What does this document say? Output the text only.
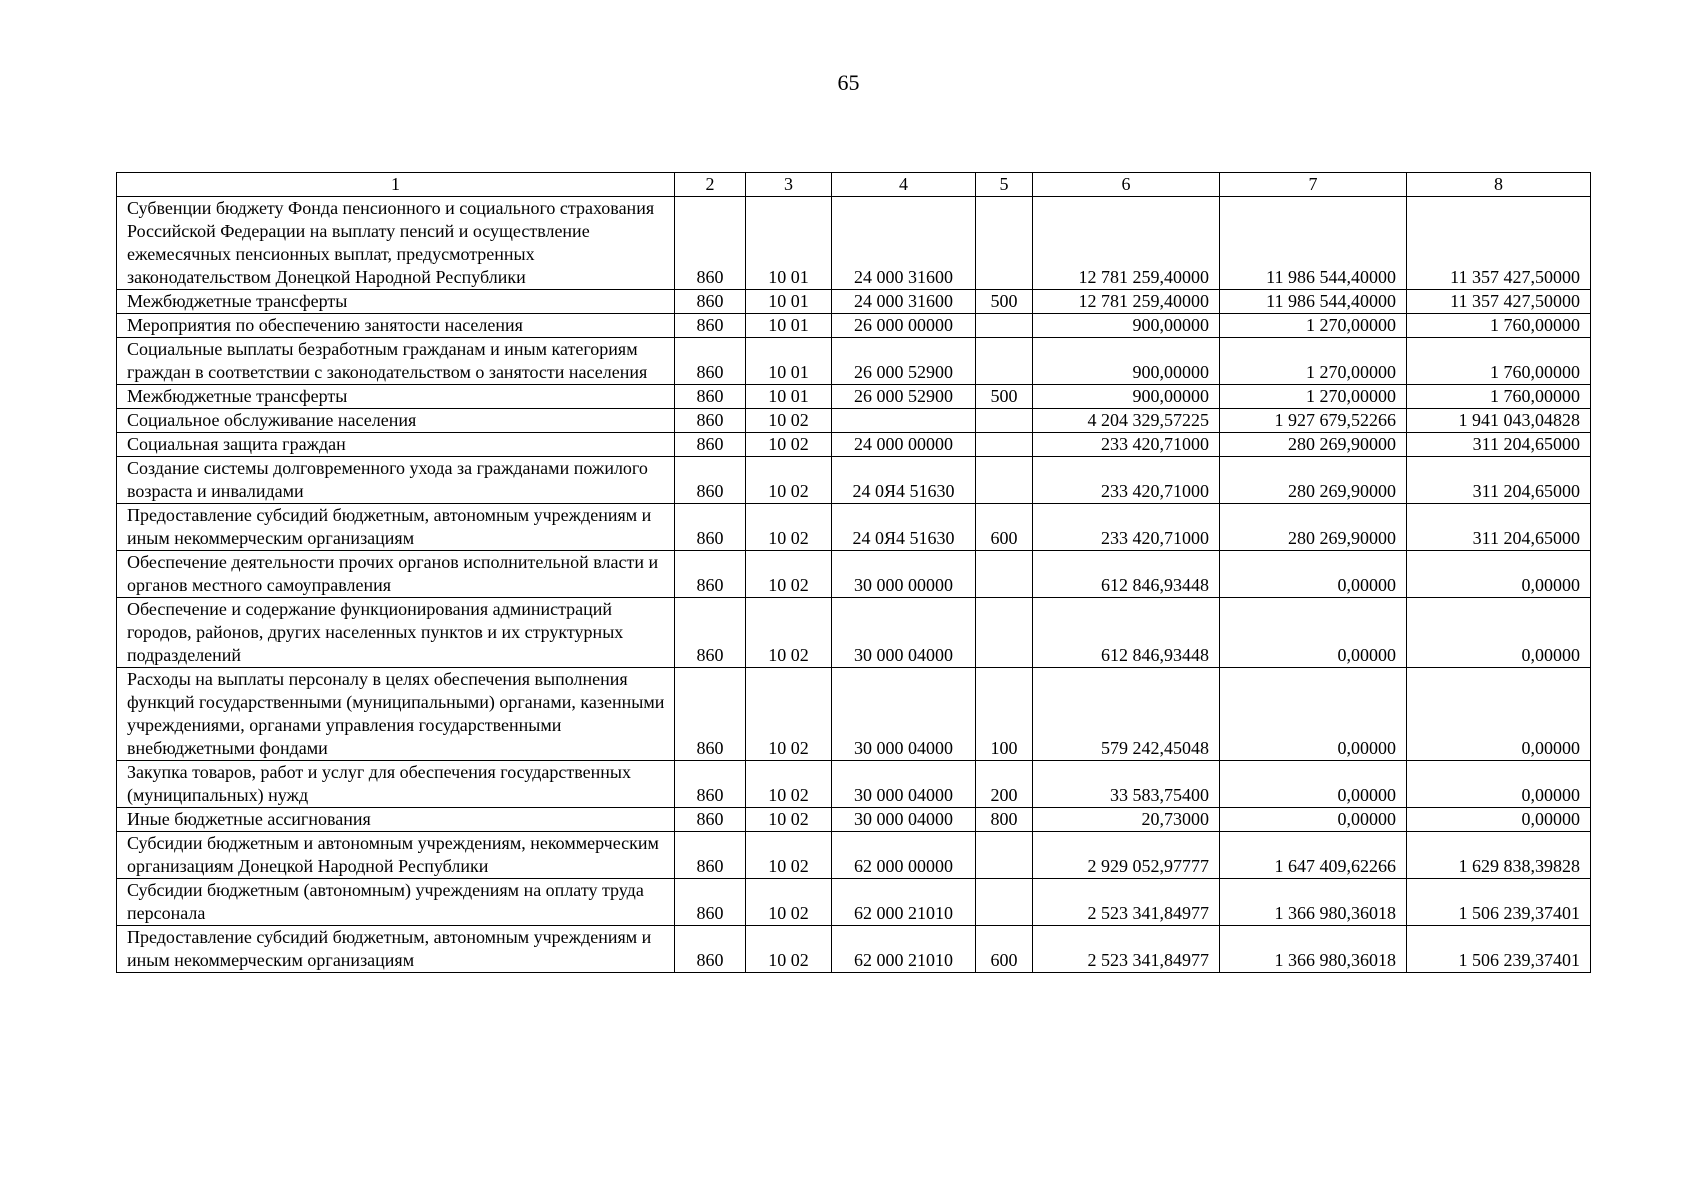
65
1	2	3	4	5	6	7	8
Субвенции бюджету Фонда пенсионного и социального страхования Российской Федерации на выплату пенсий и осуществление ежемесячных пенсионных выплат, предусмотренных законодательством Донецкой Народной Республики	860	10 01	24 000 31600		12 781 259,40000	11 986 544,40000	11 357 427,50000
Межбюджетные трансферты	860	10 01	24 000 31600	500	12 781 259,40000	11 986 544,40000	11 357 427,50000
Мероприятия по обеспечению занятости населения	860	10 01	26 000 00000		900,00000	1 270,00000	1 760,00000
Социальные выплаты безработным гражданам и иным категориям граждан в соответствии с законодательством о занятости населения	860	10 01	26 000 52900		900,00000	1 270,00000	1 760,00000
Межбюджетные трансферты	860	10 01	26 000 52900	500	900,00000	1 270,00000	1 760,00000
Социальное обслуживание населения	860	10 02			4 204 329,57225	1 927 679,52266	1 941 043,04828
Социальная защита граждан	860	10 02	24 000 00000		233 420,71000	280 269,90000	311 204,65000
Создание системы долговременного ухода за гражданами пожилого возраста и инвалидами	860	10 02	24 0Я4 51630		233 420,71000	280 269,90000	311 204,65000
Предоставление субсидий бюджетным, автономным учреждениям и иным некоммерческим организациям	860	10 02	24 0Я4 51630	600	233 420,71000	280 269,90000	311 204,65000
Обеспечение деятельности прочих органов исполнительной власти и органов местного самоуправления	860	10 02	30 000 00000		612 846,93448	0,00000	0,00000
Обеспечение и содержание функционирования администраций городов, районов, других населенных пунктов и их структурных подразделений	860	10 02	30 000 04000		612 846,93448	0,00000	0,00000
Расходы на выплаты персоналу в целях обеспечения выполнения функций государственными (муниципальными) органами, казенными учреждениями, органами управления государственными внебюджетными фондами	860	10 02	30 000 04000	100	579 242,45048	0,00000	0,00000
Закупка товаров, работ и услуг для обеспечения государственных (муниципальных) нужд	860	10 02	30 000 04000	200	33 583,75400	0,00000	0,00000
Иные бюджетные ассигнования	860	10 02	30 000 04000	800	20,73000	0,00000	0,00000
Субсидии бюджетным и автономным учреждениям, некоммерческим организациям Донецкой Народной Республики	860	10 02	62 000 00000		2 929 052,97777	1 647 409,62266	1 629 838,39828
Субсидии бюджетным (автономным) учреждениям на оплату труда персонала	860	10 02	62 000 21010		2 523 341,84977	1 366 980,36018	1 506 239,37401
Предоставление субсидий бюджетным, автономным учреждениям и иным некоммерческим организациям	860	10 02	62 000 21010	600	2 523 341,84977	1 366 980,36018	1 506 239,37401
